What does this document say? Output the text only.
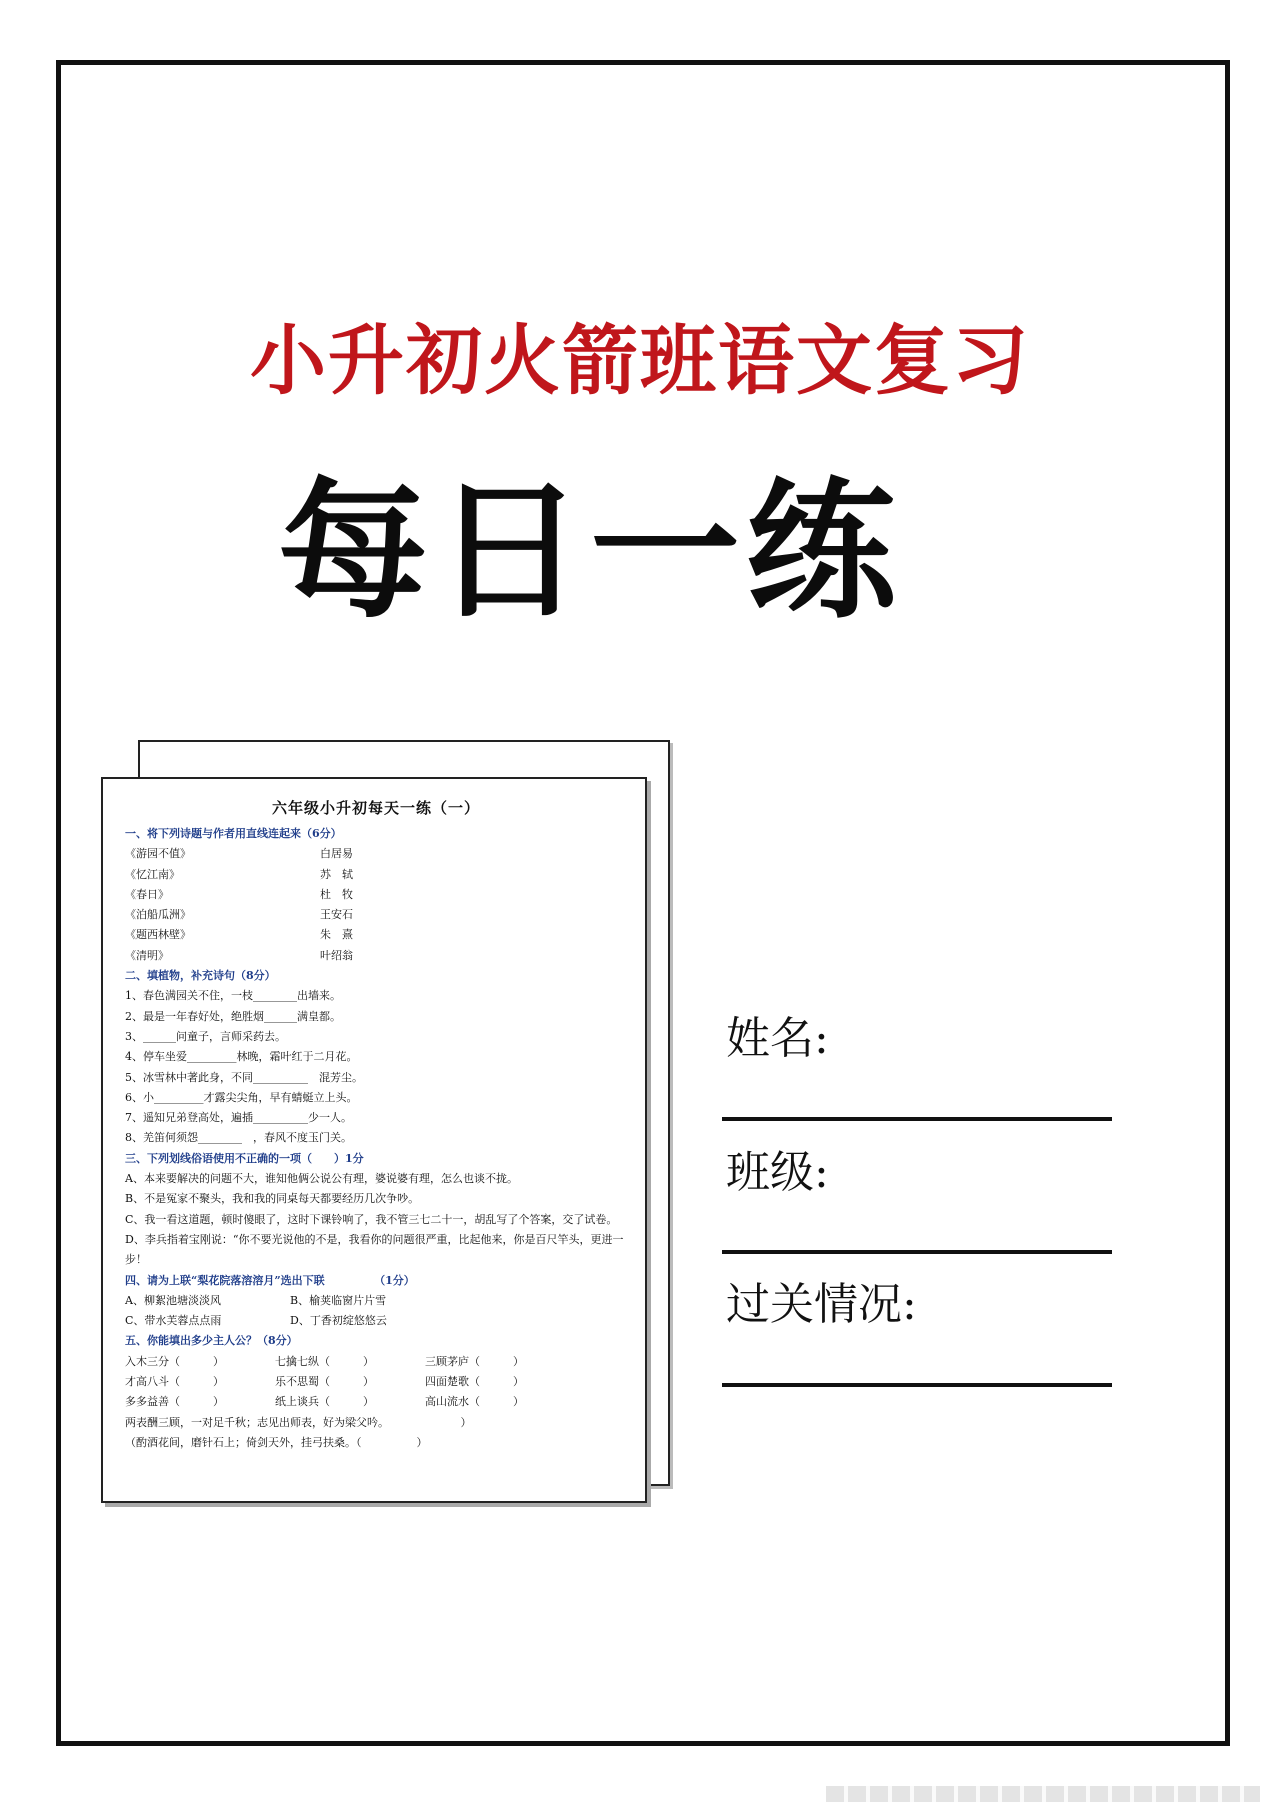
小升初火箭班语文复习
每日一练
六年级小升初每天一练（一）
一、将下列诗题与作者用直线连起来（6分）
《游园不值》	白居易
《忆江南》	苏　轼
《春日》	杜　牧
《泊船瓜洲》	王安石
《题西林壁》	朱　熹
《清明》	叶绍翁
二、填植物，补充诗句（8分）
1、春色满园关不住，一枝________出墙来。
2、最是一年春好处，绝胜烟______满皇都。
3、______问童子，言师采药去。
4、停车坐爱_________林晚，霜叶红于二月花。
5、冰雪林中著此身，不同__________　混芳尘。
6、小_________才露尖尖角，早有蜻蜓立上头。
7、遥知兄弟登高处，遍插__________少一人。
8、羌笛何须怨________　，春风不度玉门关。
三、下列划线俗语使用不正确的一项（　　）1分
A、本来要解决的问题不大，谁知他俩公说公有理，婆说婆有理，怎么也谈不拢。
B、不是冤家不聚头，我和我的同桌每天都要经历几次争吵。
C、我一看这道题，顿时傻眼了，这时下课铃响了，我不管三七二十一，胡乱写了个答案，交了试卷。
D、李兵指着宝刚说：“你不要光说他的不是，我看你的问题很严重，比起他来，你是百尺竿头，更进一步！
四、请为上联“梨花院落溶溶月”选出下联　　　　　（1分）
A、柳絮池塘淡淡风	B、榆荚临窗片片雪
C、带水芙蓉点点雨	D、丁香初绽悠悠云
五、你能填出多少主人公？（8分）
入木三分（　　　）	七擒七纵（　　　）	三顾茅庐（　　　）
才高八斗（　　　）	乐不思蜀（　　　）	四面楚歌（　　　）
多多益善（　　　）	纸上谈兵（　　　）	高山流水（　　　）
两表酬三顾，一对足千秋；志见出师表，好为梁父吟。　　　　　　　）
（酌酒花间，磨针石上；倚剑天外，挂弓扶桑。（　　　　　）
姓名:
班级:
过关情况:
